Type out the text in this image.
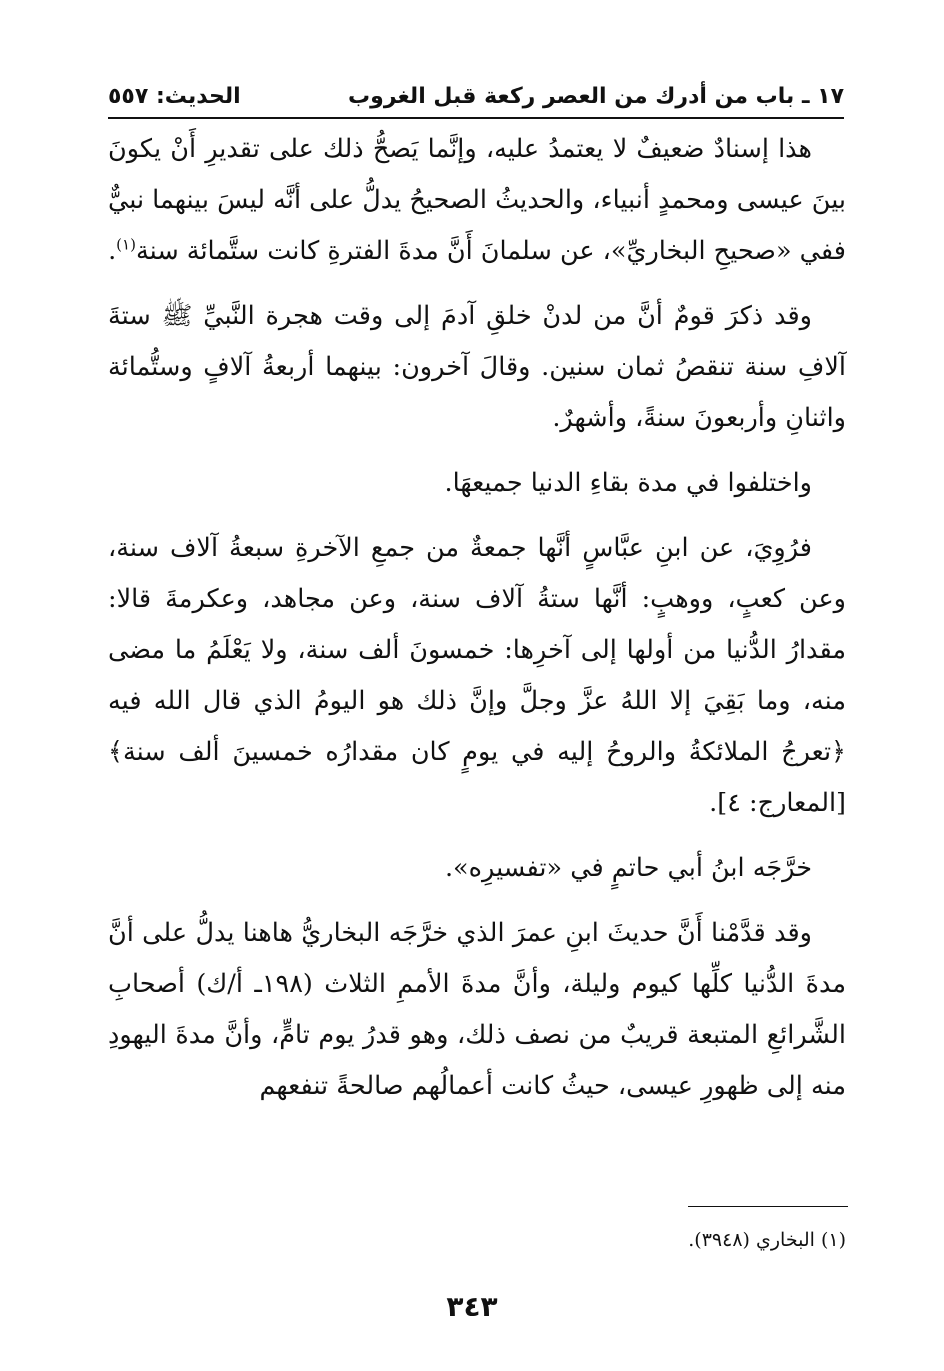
١٧ ـ باب من أدرك من العصر ركعة قبل الغروب
الحديث: ٥٥٧

هذا إسنادٌ ضعيفٌ لا يعتمدُ عليه، وإنَّما يَصحُّ ذلك على تقديرِ أَنْ يكونَ بينَ عيسى ومحمدٍ أنبياء، والحديثُ الصحيحُ يدلُّ على أنَّه ليسَ بينهما نبيٌّ ففي «صحيحِ البخاريِّ»، عن سلمانَ أَنَّ مدةَ الفترةِ كانت ستَّمائة سنة$^{(١)}$.

وقد ذكرَ قومٌ أنَّ من لدنْ خلقِ آدمَ إلى وقت هجرة النَّبيِّ ﷺ ستةَ آلافِ سنة تنقصُ ثمان سنين. وقالَ آخرون: بينهما أربعةُ آلافٍ وستُّمائة واثنانِ وأربعونَ سنةً، وأشهرٌ.

واختلفوا في مدة بقاءِ الدنيا جميعهَا.

فرُوِيَ، عن ابنِ عبَّاسٍ أنَّها جمعةٌ من جمعِ الآخرةِ سبعةُ آلاف سنة، وعن كعبٍ، ووهبٍ: أنَّها ستةُ آلاف سنة، وعن مجاهد، وعكرمةَ قالا: مقدارُ الدُّنيا من أولها إلى آخرِها: خمسونَ ألف سنة، ولا يَعْلَمُ ما مضى منه، وما بَقِيَ إلا اللهُ عزَّ وجلَّ وإنَّ ذلك هو اليومُ الذي قال الله فيه ﴿تعرجُ الملائكةُ والروحُ إليه في يومٍ كان مقدارُه خمسينَ ألف سنة﴾ [المعارج: ٤].

خرَّجَه ابنُ أبي حاتمٍ في «تفسيرِه».

وقد قدَّمْنا أَنَّ حديثَ ابنِ عمرَ الذي خرَّجَه البخاريُّ هاهنا يدلُّ على أنَّ مدةَ الدُّنيا كلِّها كيوم وليلة، وأنَّ مدةَ الأممِ الثلاث (١٩٨ـ أ/ك) أصحابِ الشَّرائعِ المتبعة قريبٌ من نصف ذلك، وهو قدرُ يوم تامٍّ، وأنَّ مدةَ اليهودِ منه إلى ظهورِ عيسى، حيثُ كانت أعمالُهم صالحةً تنفعهم

(١) البخاري (٣٩٤٨).
٣٤٣
